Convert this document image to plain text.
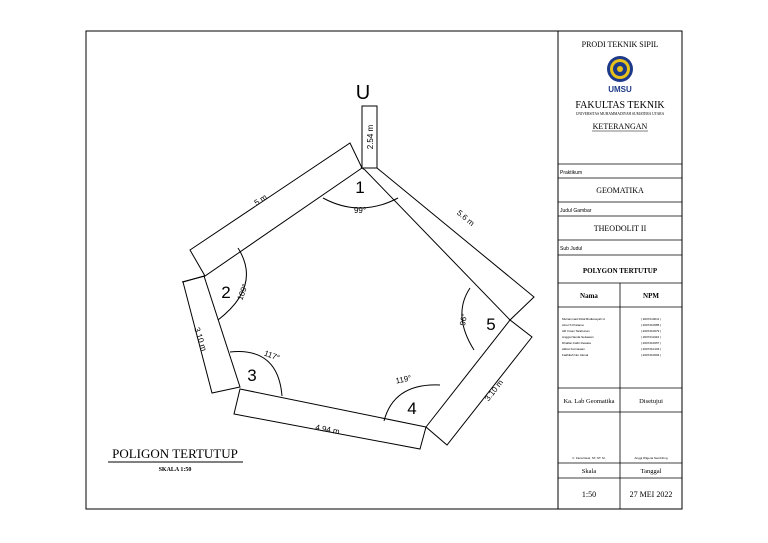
U
2.54 m
1
2
3
4
5
99°
109°
117°
119°
96°
5.6 m
5 m
3.10 m
4.94 m
3.10 m
POLIGON TERTUTUP
SKALA 1:50
PRODI TEKNIK SIPIL
UMSU
FAKULTAS TEKNIK
UNIVERSITAS MUHAMMADIYAH SUMATERA UTARA
KETERANGAN
Praktikum
GEOMATIKA
Judul Gambar
THEODOLIT II
Sub Judul
POLYGON TERTUTUP
Nama	NPM
Muhammad Rizal Budiansyah H	( 2007210011 )
Ainul S Pratama	( 2007210085 )
Alif Irman Tarahunan	( 2007210079 )
Angga Nanda Setiawan	( 2007210116 )
Dhafian Fathi Dewata	( 2007210057 )
Akbar Kurniawan	( 2007210103 )
Fadhilah Nur Akmal	( 2007210094 )
Ka. Lab Geomatika	Disetujui
Ir. Irana Dewi, ST.,ST. M.	Anggi Wigena Sembiring
Skala	Tanggal
1:50	27 MEI 2022
